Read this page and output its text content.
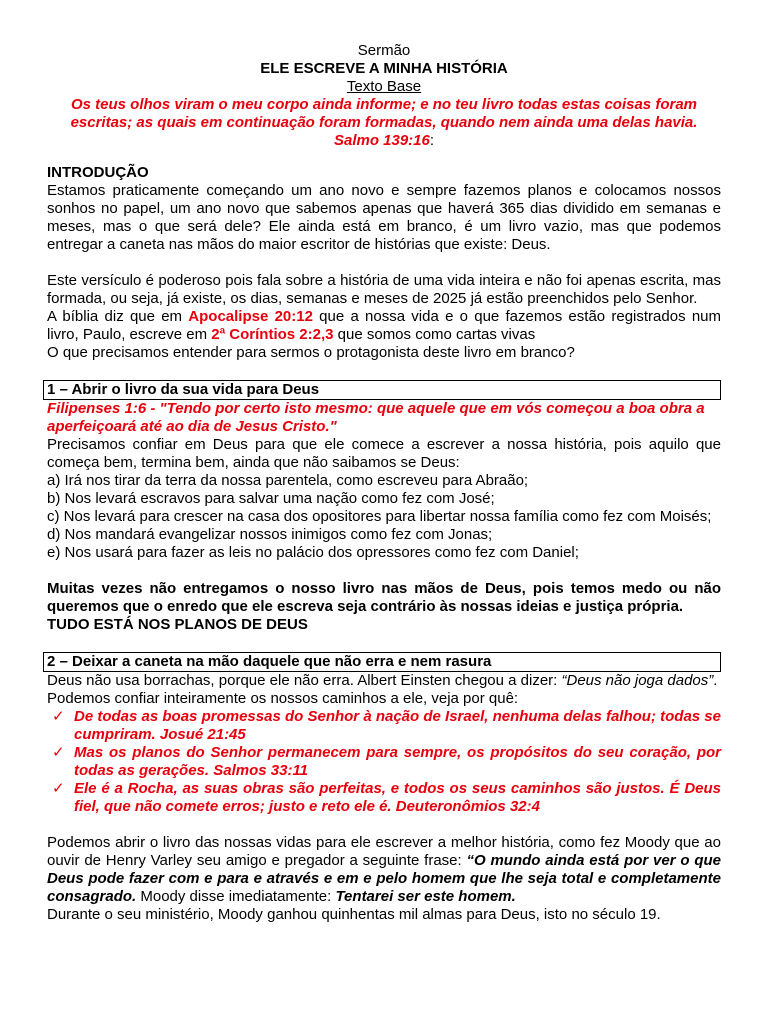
Sermão

ELE ESCREVE A MINHA HISTÓRIA

Texto Base

Os teus olhos viram o meu corpo ainda informe; e no teu livro todas estas coisas foram escritas; as quais em continuação foram formadas, quando nem ainda uma delas havia.
Salmo 139:16:

INTRODUÇÃO

Estamos praticamente começando um ano novo e sempre fazemos planos e colocamos nossos sonhos no papel, um ano novo que sabemos apenas que haverá 365 dias dividido em semanas e meses, mas o que será dele? Ele ainda está em branco, é um livro vazio, mas que podemos entregar a caneta nas mãos do maior escritor de histórias que existe: Deus.

Este versículo é poderoso pois fala sobre a história de uma vida inteira e não foi apenas escrita, mas formada, ou seja, já existe, os dias, semanas e meses de 2025 já estão preenchidos pelo Senhor.

A bíblia diz que em Apocalipse 20:12 que a nossa vida e o que fazemos estão registrados num livro, Paulo, escreve em 2ª Coríntios 2:2,3 que somos como cartas vivas

O que precisamos entender para sermos o protagonista deste livro em branco?

1 – Abrir o livro da sua vida para Deus

Filipenses 1:6 - "Tendo por certo isto mesmo: que aquele que em vós começou a boa obra a aperfeiçoará até ao dia de Jesus Cristo."

Precisamos confiar em Deus para que ele comece a escrever a nossa história, pois aquilo que começa bem, termina bem, ainda que não saibamos se Deus:

a) Irá nos tirar da terra da nossa parentela, como escreveu para Abraão;

b) Nos levará escravos para salvar uma nação como fez com José;

c) Nos levará para crescer na casa dos opositores para libertar nossa família como fez com Moisés;

d) Nos mandará evangelizar nossos inimigos como fez com Jonas;

e) Nos usará para fazer as leis no palácio dos opressores como fez com Daniel;

Muitas vezes não entregamos o nosso livro nas mãos de Deus, pois temos medo ou não queremos que o enredo que ele escreva seja contrário às nossas ideias e justiça própria.

TUDO ESTÁ NOS PLANOS DE DEUS

2 – Deixar a caneta na mão daquele que não erra e nem rasura

Deus não usa borrachas, porque ele não erra. Albert Einsten chegou a dizer: “Deus não joga dados”.

Podemos confiar inteiramente os nossos caminhos a ele, veja por quê:

✓ De todas as boas promessas do Senhor à nação de Israel, nenhuma delas falhou; todas se cumpriram. Josué 21:45
✓ Mas os planos do Senhor permanecem para sempre, os propósitos do seu coração, por todas as gerações. Salmos 33:11
✓ Ele é a Rocha, as suas obras são perfeitas, e todos os seus caminhos são justos. É Deus fiel, que não comete erros; justo e reto ele é. Deuteronômios 32:4

Podemos abrir o livro das nossas vidas para ele escrever a melhor história, como fez Moody que ao ouvir de Henry Varley seu amigo e pregador a seguinte frase: “O mundo ainda está por ver o que Deus pode fazer com e para e através e em e pelo homem que lhe seja total e completamente consagrado. Moody disse imediatamente: Tentarei ser este homem.

Durante o seu ministério, Moody ganhou quinhentas mil almas para Deus, isto no século 19.
